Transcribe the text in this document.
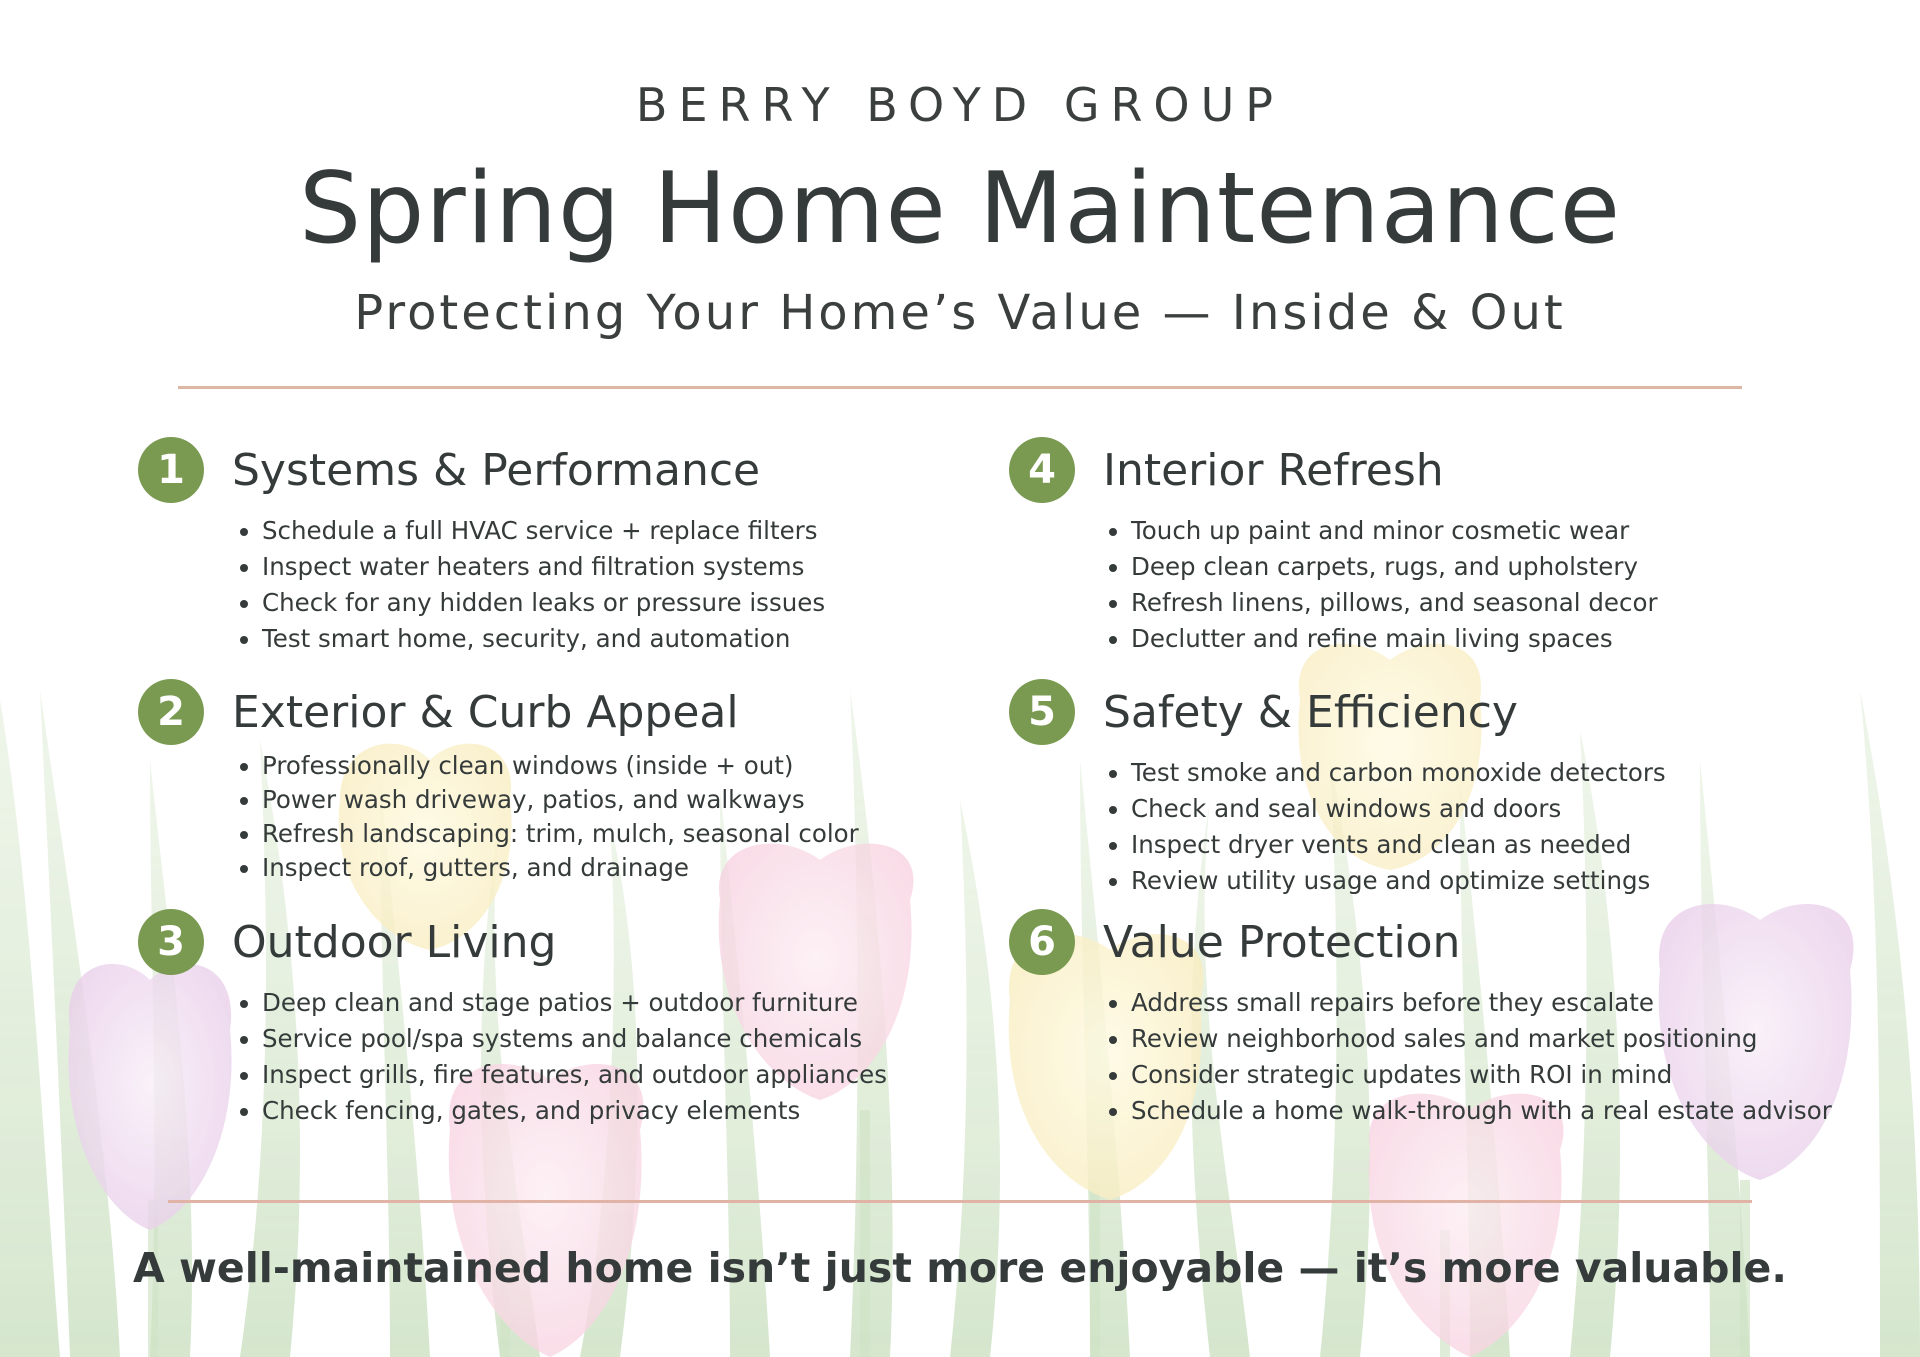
BERRY BOYD GROUP
Spring Home Maintenance
Protecting Your Home’s Value — Inside & Out
1	Systems & Performance
• Schedule a full HVAC service + replace filters
• Inspect water heaters and filtration systems
• Check for any hidden leaks or pressure issues
• Test smart home, security, and automation
2	Exterior & Curb Appeal
• Professionally clean windows (inside + out)
• Power wash driveway, patios, and walkways
• Refresh landscaping: trim, mulch, seasonal color
• Inspect roof, gutters, and drainage
3	Outdoor Living
• Deep clean and stage patios + outdoor furniture
• Service pool/spa systems and balance chemicals
• Inspect grills, fire features, and outdoor appliances
• Check fencing, gates, and privacy elements
4	Interior Refresh
• Touch up paint and minor cosmetic wear
• Deep clean carpets, rugs, and upholstery
• Refresh linens, pillows, and seasonal decor
• Declutter and refine main living spaces
5	Safety & Efficiency
• Test smoke and carbon monoxide detectors
• Check and seal windows and doors
• Inspect dryer vents and clean as needed
• Review utility usage and optimize settings
6	Value Protection
• Address small repairs before they escalate
• Review neighborhood sales and market positioning
• Consider strategic updates with ROI in mind
• Schedule a home walk-through with a real estate advisor
A well-maintained home isn’t just more enjoyable — it’s more valuable.
